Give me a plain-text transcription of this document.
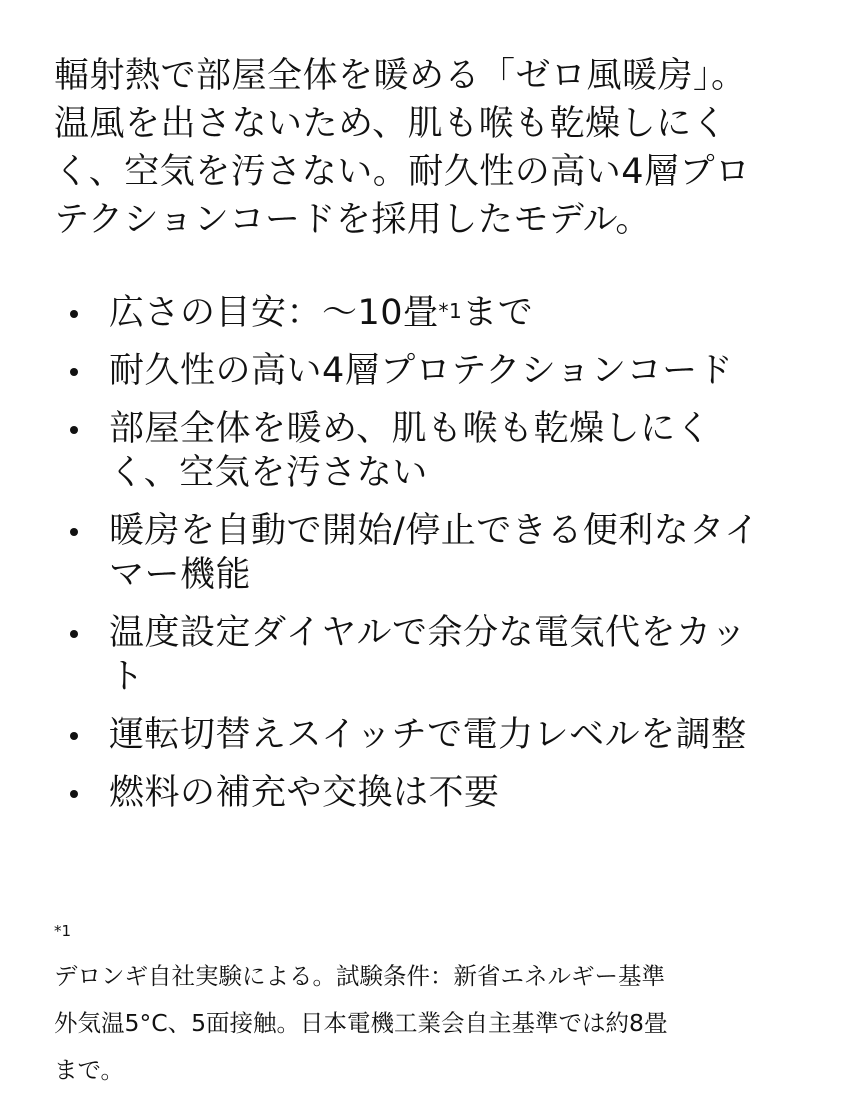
輻射熱で部屋全体を暖める「ゼロ風暖房」。
温風を出さないため、肌も喉も乾燥しにく
く、空気を汚さない。耐久性の高い4層プロ
テクションコードを採用したモデル。

広さの目安：〜10畳$^{*1}$まで
耐久性の高い4層プロテクションコード
部屋全体を暖め、肌も喉も乾燥しにく
く、空気を汚さない
暖房を自動で開始/停止できる便利なタイ
マー機能
温度設定ダイヤルで余分な電気代をカッ
ト
運転切替えスイッチで電力レベルを調整
燃料の補充や交換は不要

$^{*1}$
デロンギ自社実験による。試験条件：新省エネルギー基準
外気温5°C、5面接触。日本電機工業会自主基準では約8畳
まで。
